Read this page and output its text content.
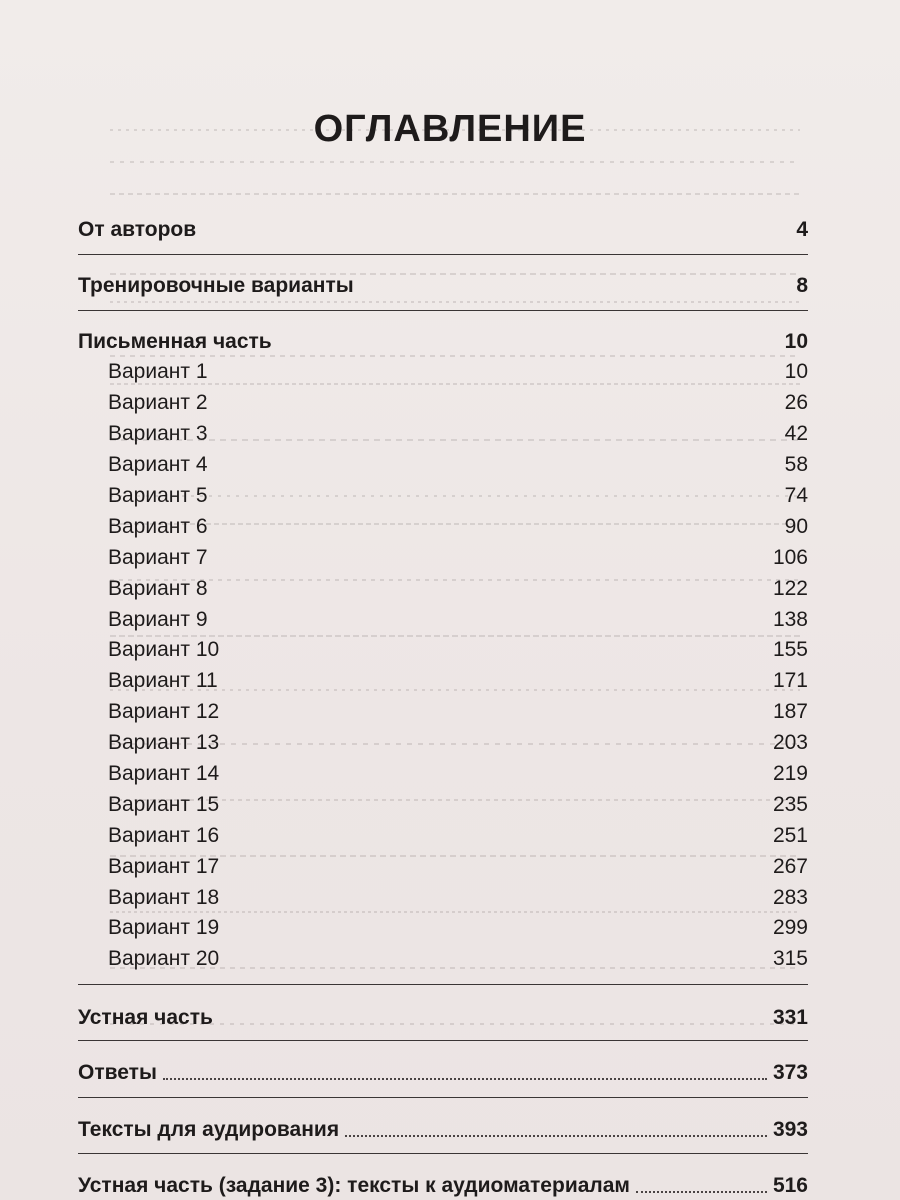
ОГЛАВЛЕНИЕ
От авторов	4
Тренировочные варианты	8
Письменная часть	10
Вариант 1	10
Вариант 2	26
Вариант 3	42
Вариант 4	58
Вариант 5	74
Вариант 6	90
Вариант 7	106
Вариант 8	122
Вариант 9	138
Вариант 10	155
Вариант 11	171
Вариант 12	187
Вариант 13	203
Вариант 14	219
Вариант 15	235
Вариант 16	251
Вариант 17	267
Вариант 18	283
Вариант 19	299
Вариант 20	315
Устная часть	331
Ответы	373
Тексты для аудирования	393
Устная часть (задание 3): тексты к аудиоматериалам	516
